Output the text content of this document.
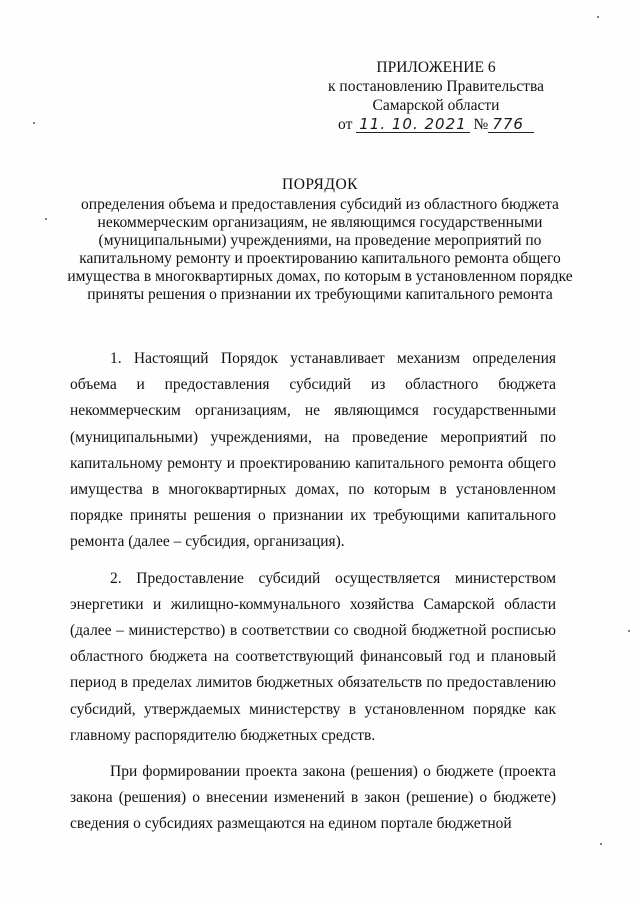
ПРИЛОЖЕНИЕ 6
к постановлению Правительства
Самарской области
от 11. 10. 2021 № 776
ПОРЯДОК
определения объема и предоставления субсидий из областного бюджета некоммерческим организациям, не являющимся государственными (муниципальными) учреждениями, на проведение мероприятий по капитальному ремонту и проектированию капитального ремонта общего имущества в многоквартирных домах, по которым в установленном порядке приняты решения о признании их требующими капитального ремонта

1. Настоящий Порядок устанавливает механизм определения объема и предоставления субсидий из областного бюджета некоммерческим организациям, не являющимся государственными (муниципальными) учреждениями, на проведение мероприятий по капитальному ремонту и проектированию капитального ремонта общего имущества в многоквартирных домах, по которым в установленном порядке приняты решения о признании их требующими капитального ремонта (далее – субсидия, организация).

2. Предоставление субсидий осуществляется министерством энергетики и жилищно-коммунального хозяйства Самарской области (далее – министерство) в соответствии со сводной бюджетной росписью областного бюджета на соответствующий финансовый год и плановый период в пределах лимитов бюджетных обязательств по предоставлению субсидий, утверждаемых министерству в установленном порядке как главному распорядителю бюджетных средств.

При формировании проекта закона (решения) о бюджете (проекта закона (решения) о внесении изменений в закон (решение) о бюджете) сведения о субсидиях размещаются на едином портале бюджетной
